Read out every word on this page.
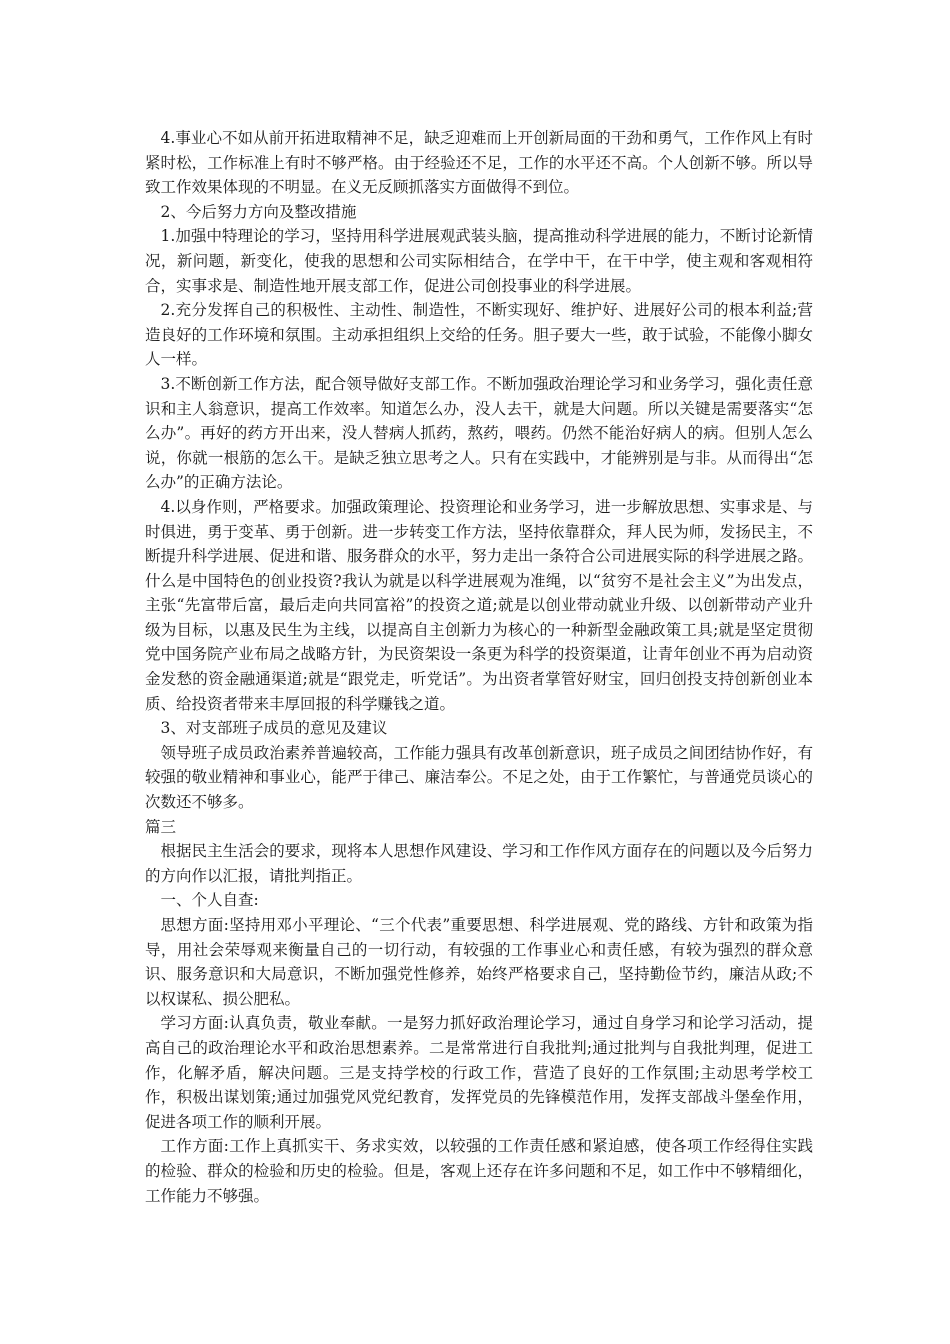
4.事业心不如从前开拓进取精神不足，缺乏迎难而上开创新局面的干劲和勇气，工作作风上有时紧时松，工作标准上有时不够严格。由于经验还不足，工作的水平还不高。个人创新不够。所以导致工作效果体现的不明显。在义无反顾抓落实方面做得不到位。

2、今后努力方向及整改措施

1.加强中特理论的学习，坚持用科学进展观武装头脑，提高推动科学进展的能力，不断讨论新情况，新问题，新变化，使我的思想和公司实际相结合，在学中干，在干中学，使主观和客观相符合，实事求是、制造性地开展支部工作，促进公司创投事业的科学进展。

2.充分发挥自己的积极性、主动性、制造性，不断实现好、维护好、进展好公司的根本利益;营造良好的工作环境和氛围。主动承担组织上交给的任务。胆子要大一些，敢于试验，不能像小脚女人一样。

3.不断创新工作方法，配合领导做好支部工作。不断加强政治理论学习和业务学习，强化责任意识和主人翁意识，提高工作效率。知道怎么办，没人去干，就是大问题。所以关键是需要落实“怎么办”。再好的药方开出来，没人替病人抓药，熬药，喂药。仍然不能治好病人的病。但别人怎么说，你就一根筋的怎么干。是缺乏独立思考之人。只有在实践中，才能辨别是与非。从而得出“怎么办”的正确方法论。

4.以身作则，严格要求。加强政策理论、投资理论和业务学习，进一步解放思想、实事求是、与时俱进，勇于变革、勇于创新。进一步转变工作方法，坚持依靠群众，拜人民为师，发扬民主，不断提升科学进展、促进和谐、服务群众的水平，努力走出一条符合公司进展实际的科学进展之路。什么是中国特色的创业投资?我认为就是以科学进展观为准绳，以“贫穷不是社会主义”为出发点，主张“先富带后富，最后走向共同富裕”的投资之道;就是以创业带动就业升级、以创新带动产业升级为目标，以惠及民生为主线，以提高自主创新力为核心的一种新型金融政策工具;就是坚定贯彻党中国务院产业布局之战略方针，为民资架设一条更为科学的投资渠道，让青年创业不再为启动资金发愁的资金融通渠道;就是“跟党走，听党话”。为出资者掌管好财宝，回归创投支持创新创业本质、给投资者带来丰厚回报的科学赚钱之道。

3、对支部班子成员的意见及建议

领导班子成员政治素养普遍较高，工作能力强具有改革创新意识，班子成员之间团结协作好，有较强的敬业精神和事业心，能严于律己、廉洁奉公。不足之处，由于工作繁忙，与普通党员谈心的次数还不够多。

篇三

根据民主生活会的要求，现将本人思想作风建设、学习和工作作风方面存在的问题以及今后努力的方向作以汇报，请批判指正。

一、个人自查:

思想方面:坚持用邓小平理论、“三个代表”重要思想、科学进展观、党的路线、方针和政策为指导，用社会荣辱观来衡量自己的一切行动，有较强的工作事业心和责任感，有较为强烈的群众意识、服务意识和大局意识，不断加强党性修养，始终严格要求自己，坚持勤俭节约，廉洁从政;不以权谋私、损公肥私。

学习方面:认真负责，敬业奉献。一是努力抓好政治理论学习，通过自身学习和论学习活动，提高自己的政治理论水平和政治思想素养。二是常常进行自我批判;通过批判与自我批判理，促进工作，化解矛盾，解决问题。三是支持学校的行政工作，营造了良好的工作氛围;主动思考学校工作，积极出谋划策;通过加强党风党纪教育，发挥党员的先锋模范作用，发挥支部战斗堡垒作用，促进各项工作的顺利开展。

工作方面:工作上真抓实干、务求实效，以较强的工作责任感和紧迫感，使各项工作经得住实践的检验、群众的检验和历史的检验。但是，客观上还存在许多问题和不足，如工作中不够精细化，工作能力不够强。
